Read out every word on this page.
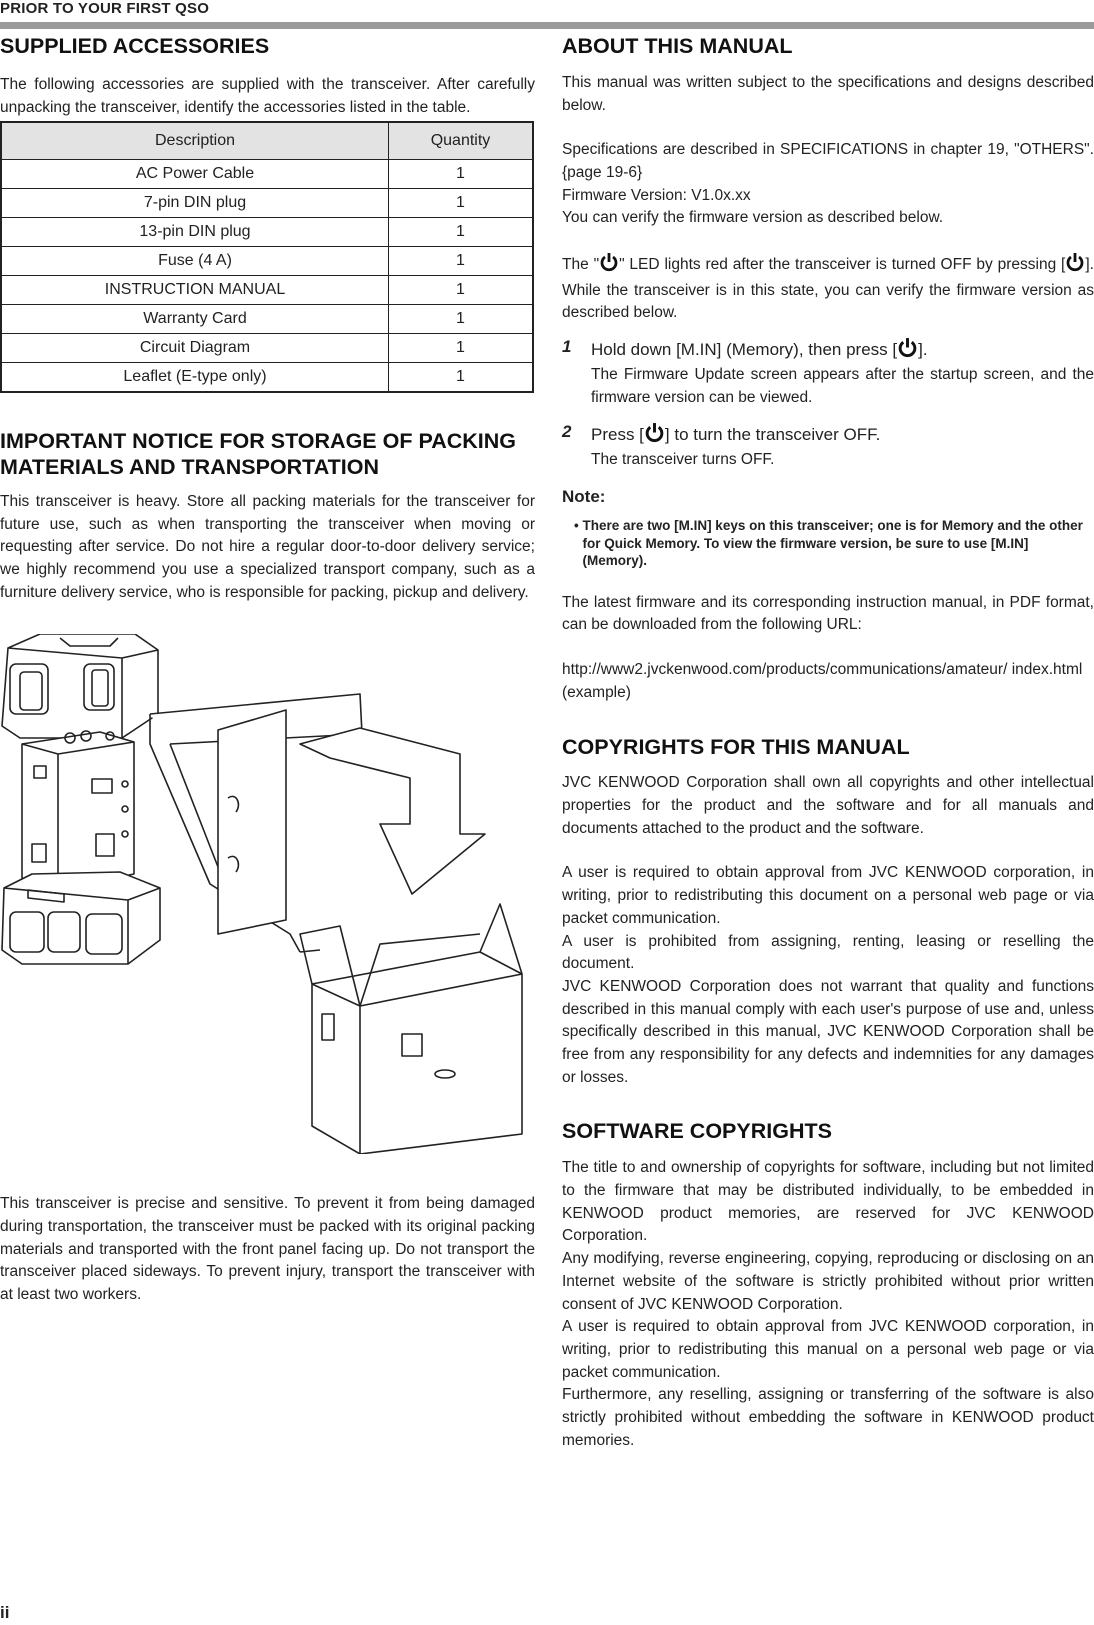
PRIOR TO YOUR FIRST QSO
SUPPLIED ACCESSORIES

The following accessories are supplied with the transceiver. After carefully unpacking the transceiver, identify the accessories listed in the table.

Description	Quantity
AC Power Cable	1
7-pin DIN plug	1
13-pin DIN plug	1
Fuse (4 A)	1
INSTRUCTION MANUAL	1
Warranty Card	1
Circuit Diagram	1
Leaflet (E-type only)	1
IMPORTANT NOTICE FOR STORAGE OF PACKING MATERIALS AND TRANSPORTATION

This transceiver is heavy. Store all packing materials for the transceiver for future use, such as when transporting the transceiver when moving or requesting after service. Do not hire a regular door-to-door delivery service; we highly recommend you use a specialized transport company, such as a furniture delivery service, who is responsible for packing, pickup and delivery.

This transceiver is precise and sensitive. To prevent it from being damaged during transportation, the transceiver must be packed with its original packing materials and transported with the front panel facing up. Do not transport the transceiver placed sideways. To prevent injury, transport the transceiver with at least two workers.

ABOUT THIS MANUAL

This manual was written subject to the specifications and designs described below.

Specifications are described in SPECIFICATIONS in chapter 19, "OTHERS". {page 19-6}

Firmware Version: V1.0x.xx

You can verify the firmware version as described below.

The " " LED lights red after the transceiver is turned OFF by pressing [ ]. While the transceiver is in this state, you can verify the firmware version as described below.

1	Hold down [M.IN] (Memory), then press [ ].

The Firmware Update screen appears after the startup screen, and the firmware version can be viewed.

2	Press [ ] to turn the transceiver OFF.

The transceiver turns OFF.

Note:
• There are two [M.IN] keys on this transceiver; one is for Memory and the other for Quick Memory. To view the firmware version, be sure to use [M.IN] (Memory).

The latest firmware and its corresponding instruction manual, in PDF format, can be downloaded from the following URL:

http://www2.jvckenwood.com/products/communications/amateur/ index.html (example)

COPYRIGHTS FOR THIS MANUAL

JVC KENWOOD Corporation shall own all copyrights and other intellectual properties for the product and the software and for all manuals and documents attached to the product and the software.

A user is required to obtain approval from JVC KENWOOD corporation, in writing, prior to redistributing this document on a personal web page or via packet communication.

A user is prohibited from assigning, renting, leasing or reselling the document.

JVC KENWOOD Corporation does not warrant that quality and functions described in this manual comply with each user's purpose of use and, unless specifically described in this manual, JVC KENWOOD Corporation shall be free from any responsibility for any defects and indemnities for any damages or losses.

SOFTWARE COPYRIGHTS

The title to and ownership of copyrights for software, including but not limited to the firmware that may be distributed individually, to be embedded in KENWOOD product memories, are reserved for JVC KENWOOD Corporation.

Any modifying, reverse engineering, copying, reproducing or disclosing on an Internet website of the software is strictly prohibited without prior written consent of JVC KENWOOD Corporation.

A user is required to obtain approval from JVC KENWOOD corporation, in writing, prior to redistributing this manual on a personal web page or via packet communication.

Furthermore, any reselling, assigning or transferring of the software is also strictly prohibited without embedding the software in KENWOOD product memories.

ii
